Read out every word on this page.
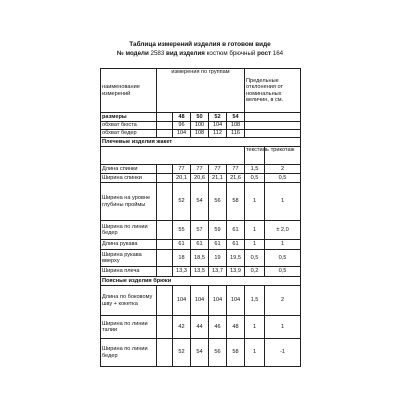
Таблица измерений изделия в готовом виде
№ модели 2583 вид изделия костюм брючный рост 164
наименование измерений	измерения по группам					Предельные отклонения от номинальных величин, в см.	
размеры		48	50	52	54		
обхват бюста		96	100	104	108		
обхват бедер		104	108	112	116		
Плечевые изделия жакет							
						текстиль	трикотаж
Длина спинки		77	77	77	77	1,5	2
Ширина спинки		20,1	20,6	21,1	21,6	0,5	0,5
Ширина на уровне глубины проймы		52	54	56	58	1	1
Ширина по линии бедер		55	57	59	61	1	± 2,0
Длина рукава		61	61	61	61	1	1
Ширина рукава вверху		18	18,5	19	19,5	0,5	0,5
Ширина плеча		13,3	13,5	13,7	13,9	0,2	0,5
Поясные изделия брюки							
Длина по боковому шву + кокетка		104	104	104	104	1,5	2
Ширина по линии талии		42	44	46	48	1	1
Ширина по линии бедер		52	54	56	58	1	-1
